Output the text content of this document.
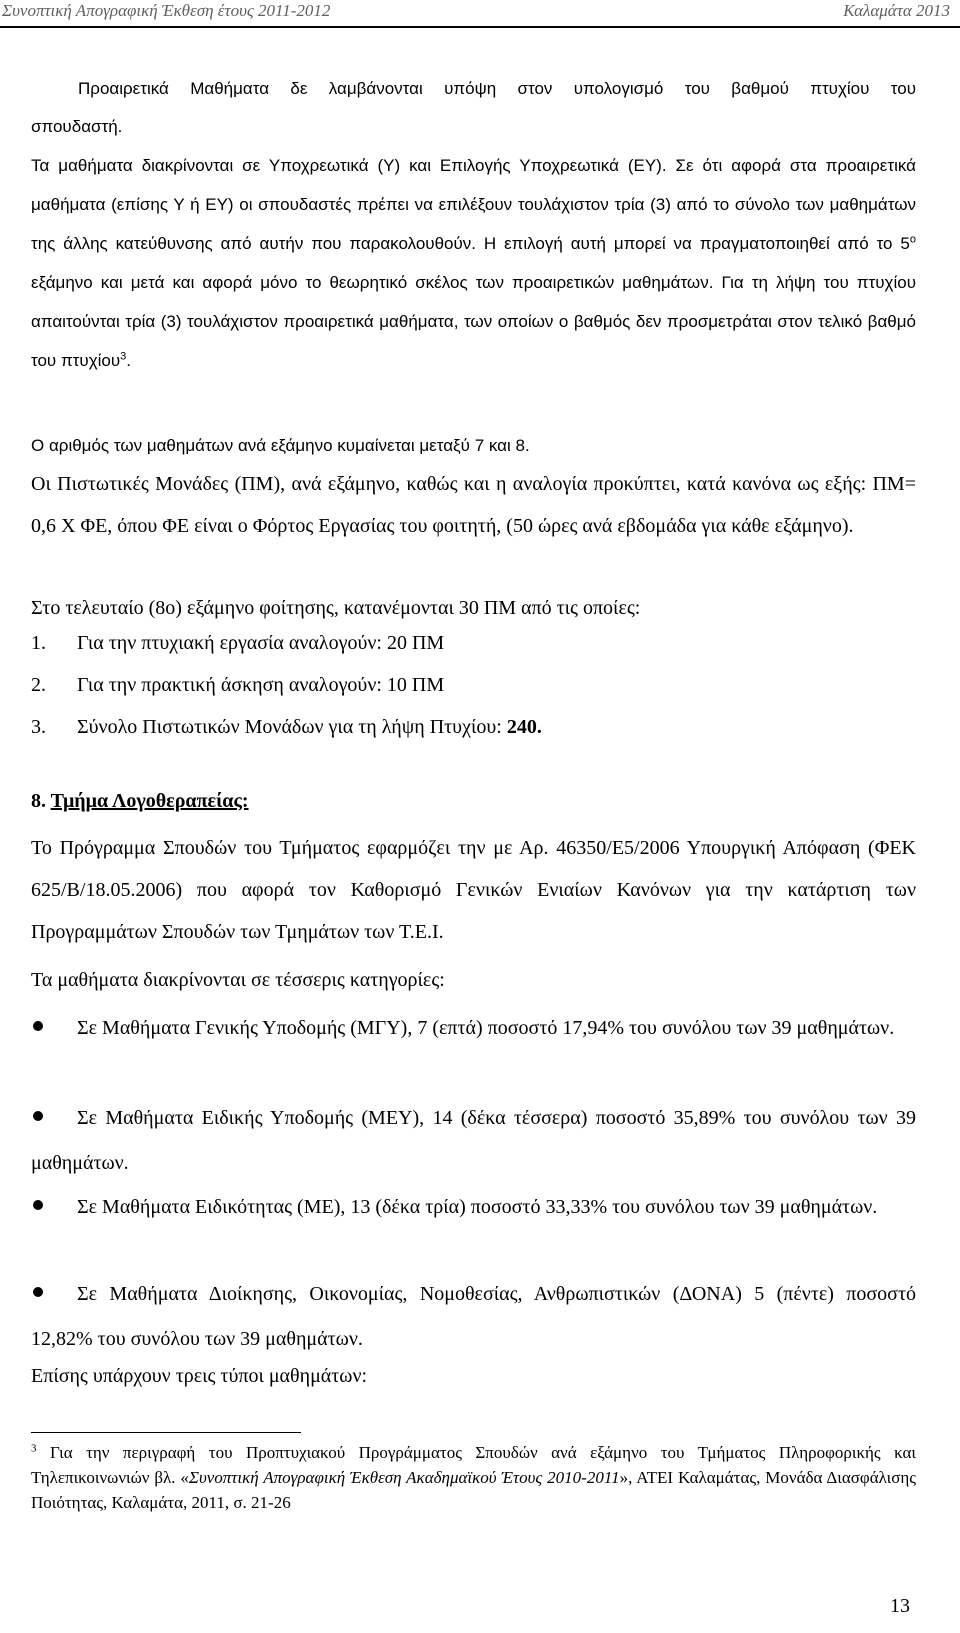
Συνοπτική Απογραφική Έκθεση έτους 2011-2012	Καλαμάτα 2013

Προαιρετικά Μαθήματα δε λαμβάνονται υπόψη στον υπολογισμό του βαθμού πτυχίου του

σπουδαστή.

Τα μαθήματα διακρίνονται σε Υποχρεωτικά (Υ) και Επιλογής Υποχρεωτικά (ΕΥ). Σε ότι αφορά στα προαιρετικά μαθήματα (επίσης Υ ή ΕΥ) οι σπουδαστές πρέπει να επιλέξουν τουλάχιστον τρία (3) από το σύνολο των μαθημάτων της άλλης κατεύθυνσης από αυτήν που παρακολουθούν. Η επιλογή αυτή μπορεί να πραγματοποιηθεί από το $5^o$ εξάμηνο και μετά και αφορά μόνο το θεωρητικό σκέλος των προαιρετικών μαθημάτων. Για τη λήψη του πτυχίου απαιτούνται τρία (3) τουλάχιστον προαιρετικά μαθήματα, των οποίων ο βαθμός δεν προσμετράται στον τελικό βαθμό του πτυχίου$^3$.

Ο αριθμός των μαθημάτων ανά εξάμηνο κυμαίνεται μεταξύ 7 και 8.

Οι Πιστωτικές Μονάδες (ΠΜ), ανά εξάμηνο, καθώς και η αναλογία προκύπτει, κατά κανόνα ως εξής: ΠΜ= 0,6 Χ ΦΕ, όπου ΦΕ είναι ο Φόρτος Εργασίας του φοιτητή, (50 ώρες ανά εβδομάδα για κάθε εξάμηνο).

Στο τελευταίο (8ο) εξάμηνο φοίτησης, κατανέμονται 30 ΠΜ από τις οποίες:

1. Για την πτυχιακή εργασία αναλογούν: 20 ΠΜ
2. Για την πρακτική άσκηση αναλογούν: 10 ΠΜ
3. Σύνολο Πιστωτικών Μονάδων για τη λήψη Πτυχίου: 240.
8. Τμήμα Λογοθεραπείας:

Το Πρόγραμμα Σπουδών του Τμήματος εφαρμόζει την με Αρ. 46350/Ε5/2006 Υπουργική Απόφαση (ΦΕΚ 625/Β/18.05.2006) που αφορά τον Καθορισμό Γενικών Ενιαίων Κανόνων για την κατάρτιση των Προγραμμάτων Σπουδών των Τμημάτων των Τ.Ε.Ι.

Τα μαθήματα διακρίνονται σε τέσσερις κατηγορίες:

Σε Μαθήματα Γενικής Υποδομής (ΜΓΥ), 7 (επτά) ποσοστό 17,94% του συνόλου των 39 μαθημάτων.
Σε Μαθήματα Ειδικής Υποδομής (ΜΕΥ), 14 (δέκα τέσσερα) ποσοστό 35,89% του συνόλου των 39 μαθημάτων.
Σε Μαθήματα Ειδικότητας (ΜΕ), 13 (δέκα τρία) ποσοστό 33,33% του συνόλου των 39 μαθημάτων.
Σε Μαθήματα Διοίκησης, Οικονομίας, Νομοθεσίας, Ανθρωπιστικών (ΔΟΝΑ) 5 (πέντε) ποσοστό 12,82% του συνόλου των 39 μαθημάτων.

Επίσης υπάρχουν τρεις τύποι μαθημάτων:

$^3$ Για την περιγραφή του Προπτυχιακού Προγράμματος Σπουδών ανά εξάμηνο του Τμήματος Πληροφορικής και Τηλεπικοινωνιών βλ. «Συνοπτική Απογραφική Έκθεση Ακαδημαϊκού Έτους 2010-2011», ΑΤΕΙ Καλαμάτας, Μονάδα Διασφάλισης Ποιότητας, Καλαμάτα, 2011, σ. 21-26

13
